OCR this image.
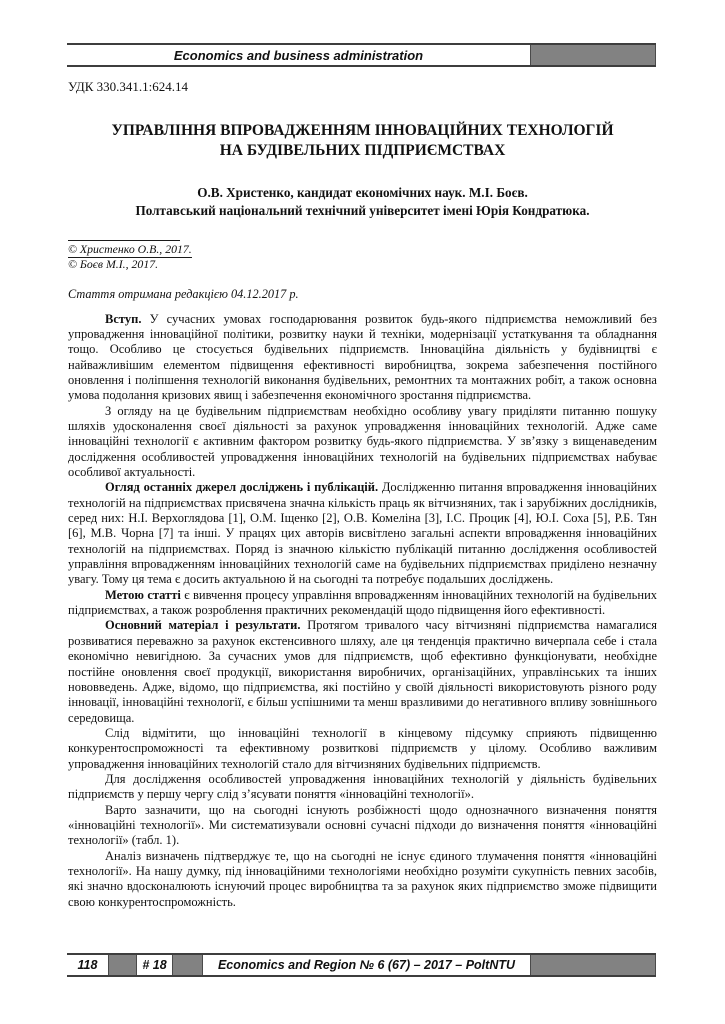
Economics and business administration
УДК 330.341.1:624.14
УПРАВЛІННЯ ВПРОВАДЖЕННЯМ ІННОВАЦІЙНИХ ТЕХНОЛОГІЙ
НА БУДІВЕЛЬНИХ ПІДПРИЄМСТВАХ
О.В. Христенко, кандидат економічних наук. М.І. Боєв.
Полтавський національний технічний університет імені Юрія Кондратюка.
© Христенко О.В., 2017.
© Боєв М.І., 2017.
Стаття отримана редакцією 04.12.2017 р.

Вступ. У сучасних умовах господарювання розвиток будь-якого підприємства неможливий без упровадження інноваційної політики, розвитку науки й техніки, модернізації устаткування та обладнання тощо. Особливо це стосується будівельних підприємств. Інноваційна діяльність у будівництві є найважливішим елементом підвищення ефективності виробництва, зокрема забезпечення постійного оновлення і поліпшення технологій виконання будівельних, ремонтних та монтажних робіт, а також основна умова подолання кризових явищ і забезпечення економічного зростання підприємства.

З огляду на це будівельним підприємствам необхідно особливу увагу приділяти питанню пошуку шляхів удосконалення своєї діяльності за рахунок упровадження інноваційних технологій. Адже саме інноваційні технології є активним фактором розвитку будь-якого підприємства. У зв’язку з вищенаведеним дослідження особливостей упровадження інноваційних технологій на будівельних підприємствах набуває особливої актуальності.

Огляд останніх джерел досліджень і публікацій. Дослідженню питання впровадження інноваційних технологій на підприємствах присвячена значна кількість праць як вітчизняних, так і зарубіжних дослідників, серед них: Н.І. Верхоглядова [1], О.М. Іщенко [2], О.В. Комеліна [3], І.С. Процик [4], Ю.І. Соха [5], Р.Б. Тян [6], М.В. Чорна [7] та інші. У працях цих авторів висвітлено загальні аспекти впровадження інноваційних технологій на підприємствах. Поряд із значною кількістю публікацій питанню дослідження особливостей управління впровадженням інноваційних технологій саме на будівельних підприємствах приділено незначну увагу. Тому ця тема є досить актуальною й на сьогодні та потребує подальших досліджень.

Метою статті є вивчення процесу управління впровадженням інноваційних технологій на будівельних підприємствах, а також розроблення практичних рекомендацій щодо підвищення його ефективності.

Основний матеріал і результати. Протягом тривалого часу вітчизняні підприємства намагалися розвиватися переважно за рахунок екстенсивного шляху, але ця тенденція практично вичерпала себе і стала економічно невигідною. За сучасних умов для підприємств, щоб ефективно функціонувати, необхідне постійне оновлення своєї продукції, використання виробничих, організаційних, управлінських та інших нововведень. Адже, відомо, що підприємства, які постійно у своїй діяльності використовують різного роду інновації, інноваційні технології, є більш успішними та менш вразливими до негативного впливу зовнішнього середовища.

Слід відмітити, що інноваційні технології в кінцевому підсумку сприяють підвищенню конкурентоспроможності та ефективному розвиткові підприємств у цілому. Особливо важливим упровадження інноваційних технологій стало для вітчизняних будівельних підприємств.

Для дослідження особливостей упровадження інноваційних технологій у діяльність будівельних підприємств у першу чергу слід з’ясувати поняття «інноваційні технології».

Варто зазначити, що на сьогодні існують розбіжності щодо однозначного визначення поняття «інноваційні технології». Ми систематизували основні сучасні підходи до визначення поняття «інноваційні технології» (табл. 1).

Аналіз визначень підтверджує те, що на сьогодні не існує єдиного тлумачення поняття «інноваційні технології». На нашу думку, під інноваційними технологіями необхідно розуміти сукупність певних засобів, які значно вдосконалюють існуючий процес виробництва та за рахунок яких підприємство зможе підвищити свою конкурентоспроможність.

118	# 18	Economics and Region № 6 (67) – 2017 – PoltNTU
